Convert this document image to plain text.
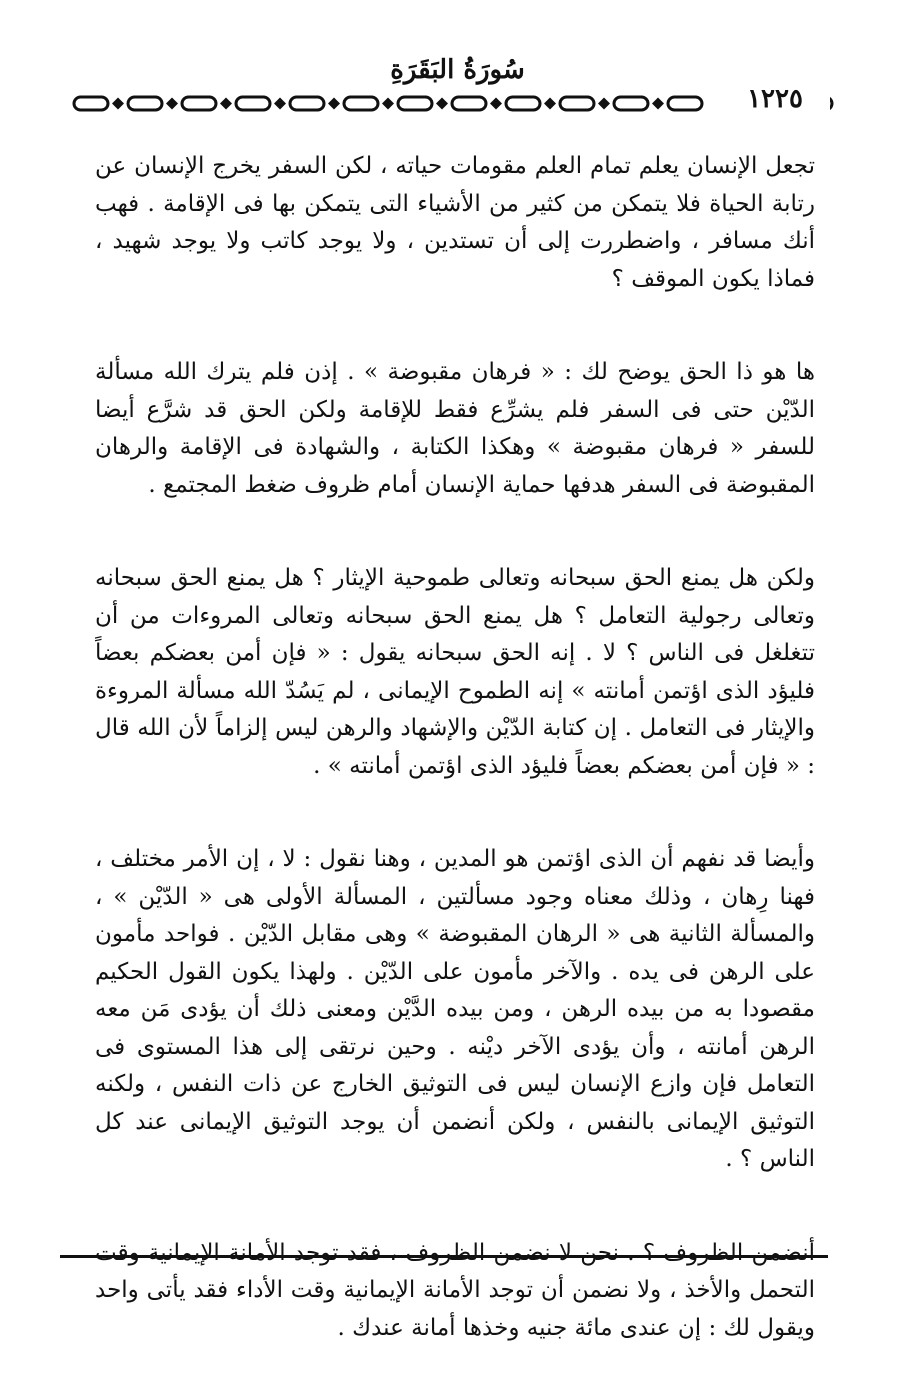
سُورَةُ البَقَرَةِ
١٢٢٥

تجعل الإنسان يعلم تمام العلم مقومات حياته ، لكن السفر يخرج الإنسان عن رتابة الحياة فلا يتمكن من كثير من الأشياء التى يتمكن بها فى الإقامة . فهب أنك مسافر ، واضطررت إلى أن تستدين ، ولا يوجد كاتب ولا يوجد شهيد ، فماذا يكون الموقف ؟

ها هو ذا الحق يوضح لك : « فرهان مقبوضة » . إذن فلم يترك الله مسألة الدّيْن حتى فى السفر فلم يشرِّع فقط للإقامة ولكن الحق قد شرَّع أيضا للسفر « فرهان مقبوضة » وهكذا الكتابة ، والشهادة فى الإقامة والرهان المقبوضة فى السفر هدفها حماية الإنسان أمام ظروف ضغط المجتمع .

ولكن هل يمنع الحق سبحانه وتعالى طموحية الإيثار ؟ هل يمنع الحق سبحانه وتعالى رجولية التعامل ؟ هل يمنع الحق سبحانه وتعالى المروءات من أن تتغلغل فى الناس ؟ لا . إنه الحق سبحانه يقول : « فإن أمن بعضكم بعضاً فليؤد الذى اؤتمن أمانته » إنه الطموح الإيمانى ، لم يَسُدّ الله مسألة المروءة والإيثار فى التعامل . إن كتابة الدّيْن والإشهاد والرهن ليس إلزاماً لأن الله قال : « فإن أمن بعضكم بعضاً فليؤد الذى اؤتمن أمانته » .

وأيضا قد نفهم أن الذى اؤتمن هو المدين ، وهنا نقول : لا ، إن الأمر مختلف ، فهنا رِهان ، وذلك معناه وجود مسألتين ، المسألة الأولى هى « الدّيْن » ، والمسألة الثانية هى « الرهان المقبوضة » وهى مقابل الدّيْن . فواحد مأمون على الرهن فى يده . والآخر مأمون على الدّيْن . ولهذا يكون القول الحكيم مقصودا به من بيده الرهن ، ومن بيده الدَّيْن ومعنى ذلك أن يؤدى مَن معه الرهن أمانته ، وأن يؤدى الآخر ديْنه . وحين نرتقى إلى هذا المستوى فى التعامل فإن وازع الإنسان ليس فى التوثيق الخارج عن ذات النفس ، ولكنه التوثيق الإيمانى بالنفس ، ولكن أنضمن أن يوجد التوثيق الإيمانى عند كل الناس ؟ .

أنضمن الظروف ؟ . نحن لا نضمن الظروف ، فقد توجد الأمانة الإيمانية وقت التحمل والأخذ ، ولا نضمن أن توجد الأمانة الإيمانية وقت الأداء فقد يأتى واحد ويقول لك : إن عندى مائة جنيه وخذها أمانة عندك .
